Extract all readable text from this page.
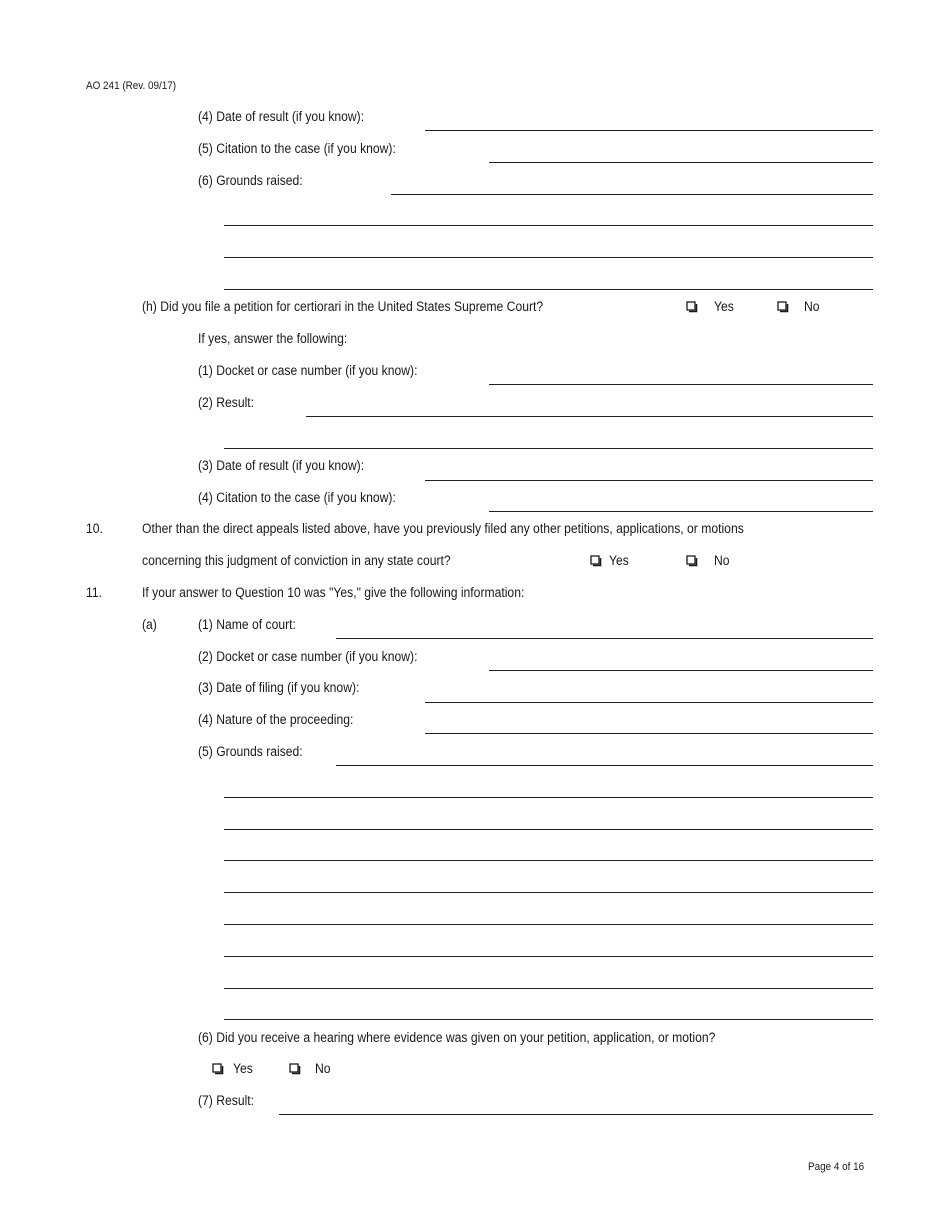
AO 241 (Rev. 09/17)
(4) Date of result (if you know):
(5) Citation to the case (if you know):
(6) Grounds raised:
(h) Did you file a petition for certiorari in the United States Supreme Court?	Yes	No
If yes, answer the following:
(1) Docket or case number (if you know):
(2) Result:
(3) Date of result (if you know):
(4) Citation to the case (if you know):
10.	Other than the direct appeals listed above, have you previously filed any other petitions, applications, or motions
concerning this judgment of conviction in any state court?	Yes	No
11.	If your answer to Question 10 was "Yes," give the following information:
(a)	(1) Name of court:
(2) Docket or case number (if you know):
(3) Date of filing (if you know):
(4) Nature of the proceeding:
(5) Grounds raised:
(6) Did you receive a hearing where evidence was given on your petition, application, or motion?
Yes	No
(7) Result:
Page 4 of 16
